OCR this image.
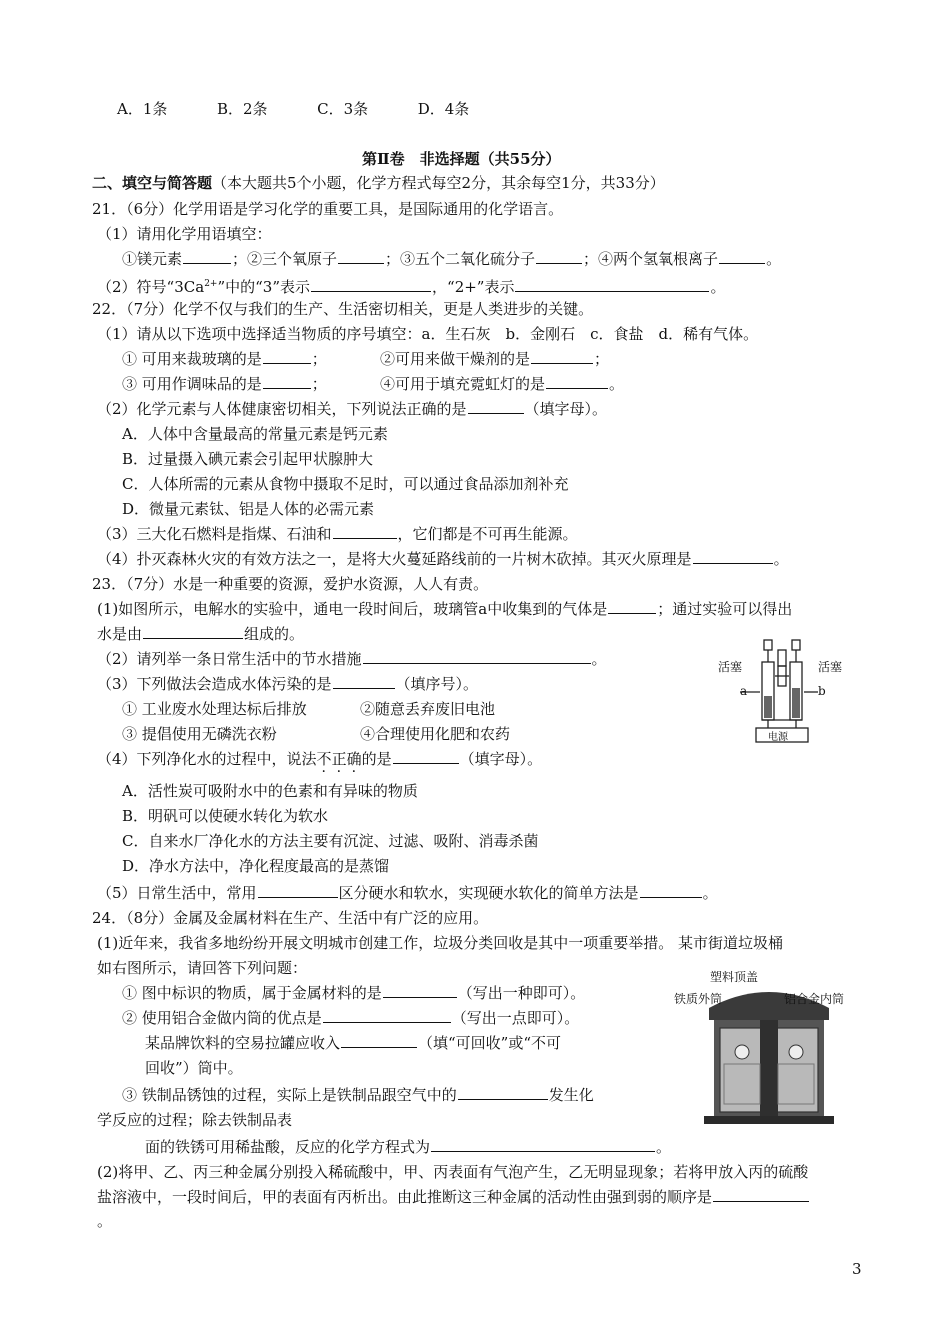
A．1条	B．2条	C．3条	D．4条
第Ⅱ卷　非选择题（共55分）
二、填空与简答题（本大题共5个小题，化学方程式每空2分，其余每空1分，共33分）
21．（6分）化学用语是学习化学的重要工具，是国际通用的化学语言。
（1）请用化学用语填空：
①镁元素	；②三个氧原子	；③五个二氧化硫分子	；④两个氢氧根离子	。
（2）符号“$3Ca^{2+}$”中的“3”表示	，“2+”表示	。
22．（7分）化学不仅与我们的生产、生活密切相关，更是人类进步的关键。
（1）请从以下选项中选择适当物质的序号填空：a．生石灰　b．金刚石　c．食盐　d．稀有气体。
① 可用来裁玻璃的是	；	②可用来做干燥剂的是	；
③ 可用作调味品的是	；	④可用于填充霓虹灯的是	。
（2）化学元素与人体健康密切相关，下列说法正确的是	（填字母）。
A．人体中含量最高的常量元素是钙元素
B．过量摄入碘元素会引起甲状腺肿大
C．人体所需的元素从食物中摄取不足时，可以通过食品添加剂补充
D．微量元素钛、铝是人体的必需元素
（3）三大化石燃料是指煤、石油和	，它们都是不可再生能源。
（4）扑灭森林火灾的有效方法之一，是将大火蔓延路线前的一片树木砍掉。其灭火原理是	。
23．（7分）水是一种重要的资源，爱护水资源，人人有责。
(1)如图所示，电解水的实验中，通电一段时间后，玻璃管a中收集到的气体是	；通过实验可以得出
水是由	组成的。
（2）请列举一条日常生活中的节水措施	。
（3）下列做法会造成水体污染的是	（填序号）。
① 工业废水处理达标后排放	②随意丢弃废旧电池
③ 提倡使用无磷洗衣粉	④合理使用化肥和农药
（4）下列净化水的过程中，说法不正确的是	（填字母）。
A．活性炭可吸附水中的色素和有异味的物质
B．明矾可以使硬水转化为软水
C．自来水厂净化水的方法主要有沉淀、过滤、吸附、消毒杀菌
D．净水方法中，净化程度最高的是蒸馏
（5）日常生活中，常用	区分硬水和软水，实现硬水软化的简单方法是	。
活塞	活塞
a	b
电源
24．（8分）金属及金属材料在生产、生活中有广泛的应用。
(1)近年来，我省多地纷纷开展文明城市创建工作，垃圾分类回收是其中一项重要举措。 某市街道垃圾桶
如右图所示，请回答下列问题：
① 图中标识的物质，属于金属材料的是	（写出一种即可）。
② 使用铝合金做内筒的优点是	（写出一点即可）。
某品牌饮料的空易拉罐应收入	（填“可回收”或“不可
回收”）筒中。
③ 铁制品锈蚀的过程，实际上是铁制品跟空气中的	发生化
学反应的过程；除去铁制品表
面的铁锈可用稀盐酸，反应的化学方程式为	。
(2)将甲、乙、丙三种金属分别投入稀硫酸中，甲、丙表面有气泡产生，乙无明显现象；若将甲放入丙的硫酸
盐溶液中，一段时间后，甲的表面有丙析出。由此推断这三种金属的活动性由强到弱的顺序是
。
塑料顶盖
铁质外筒	铝合金内筒
3
